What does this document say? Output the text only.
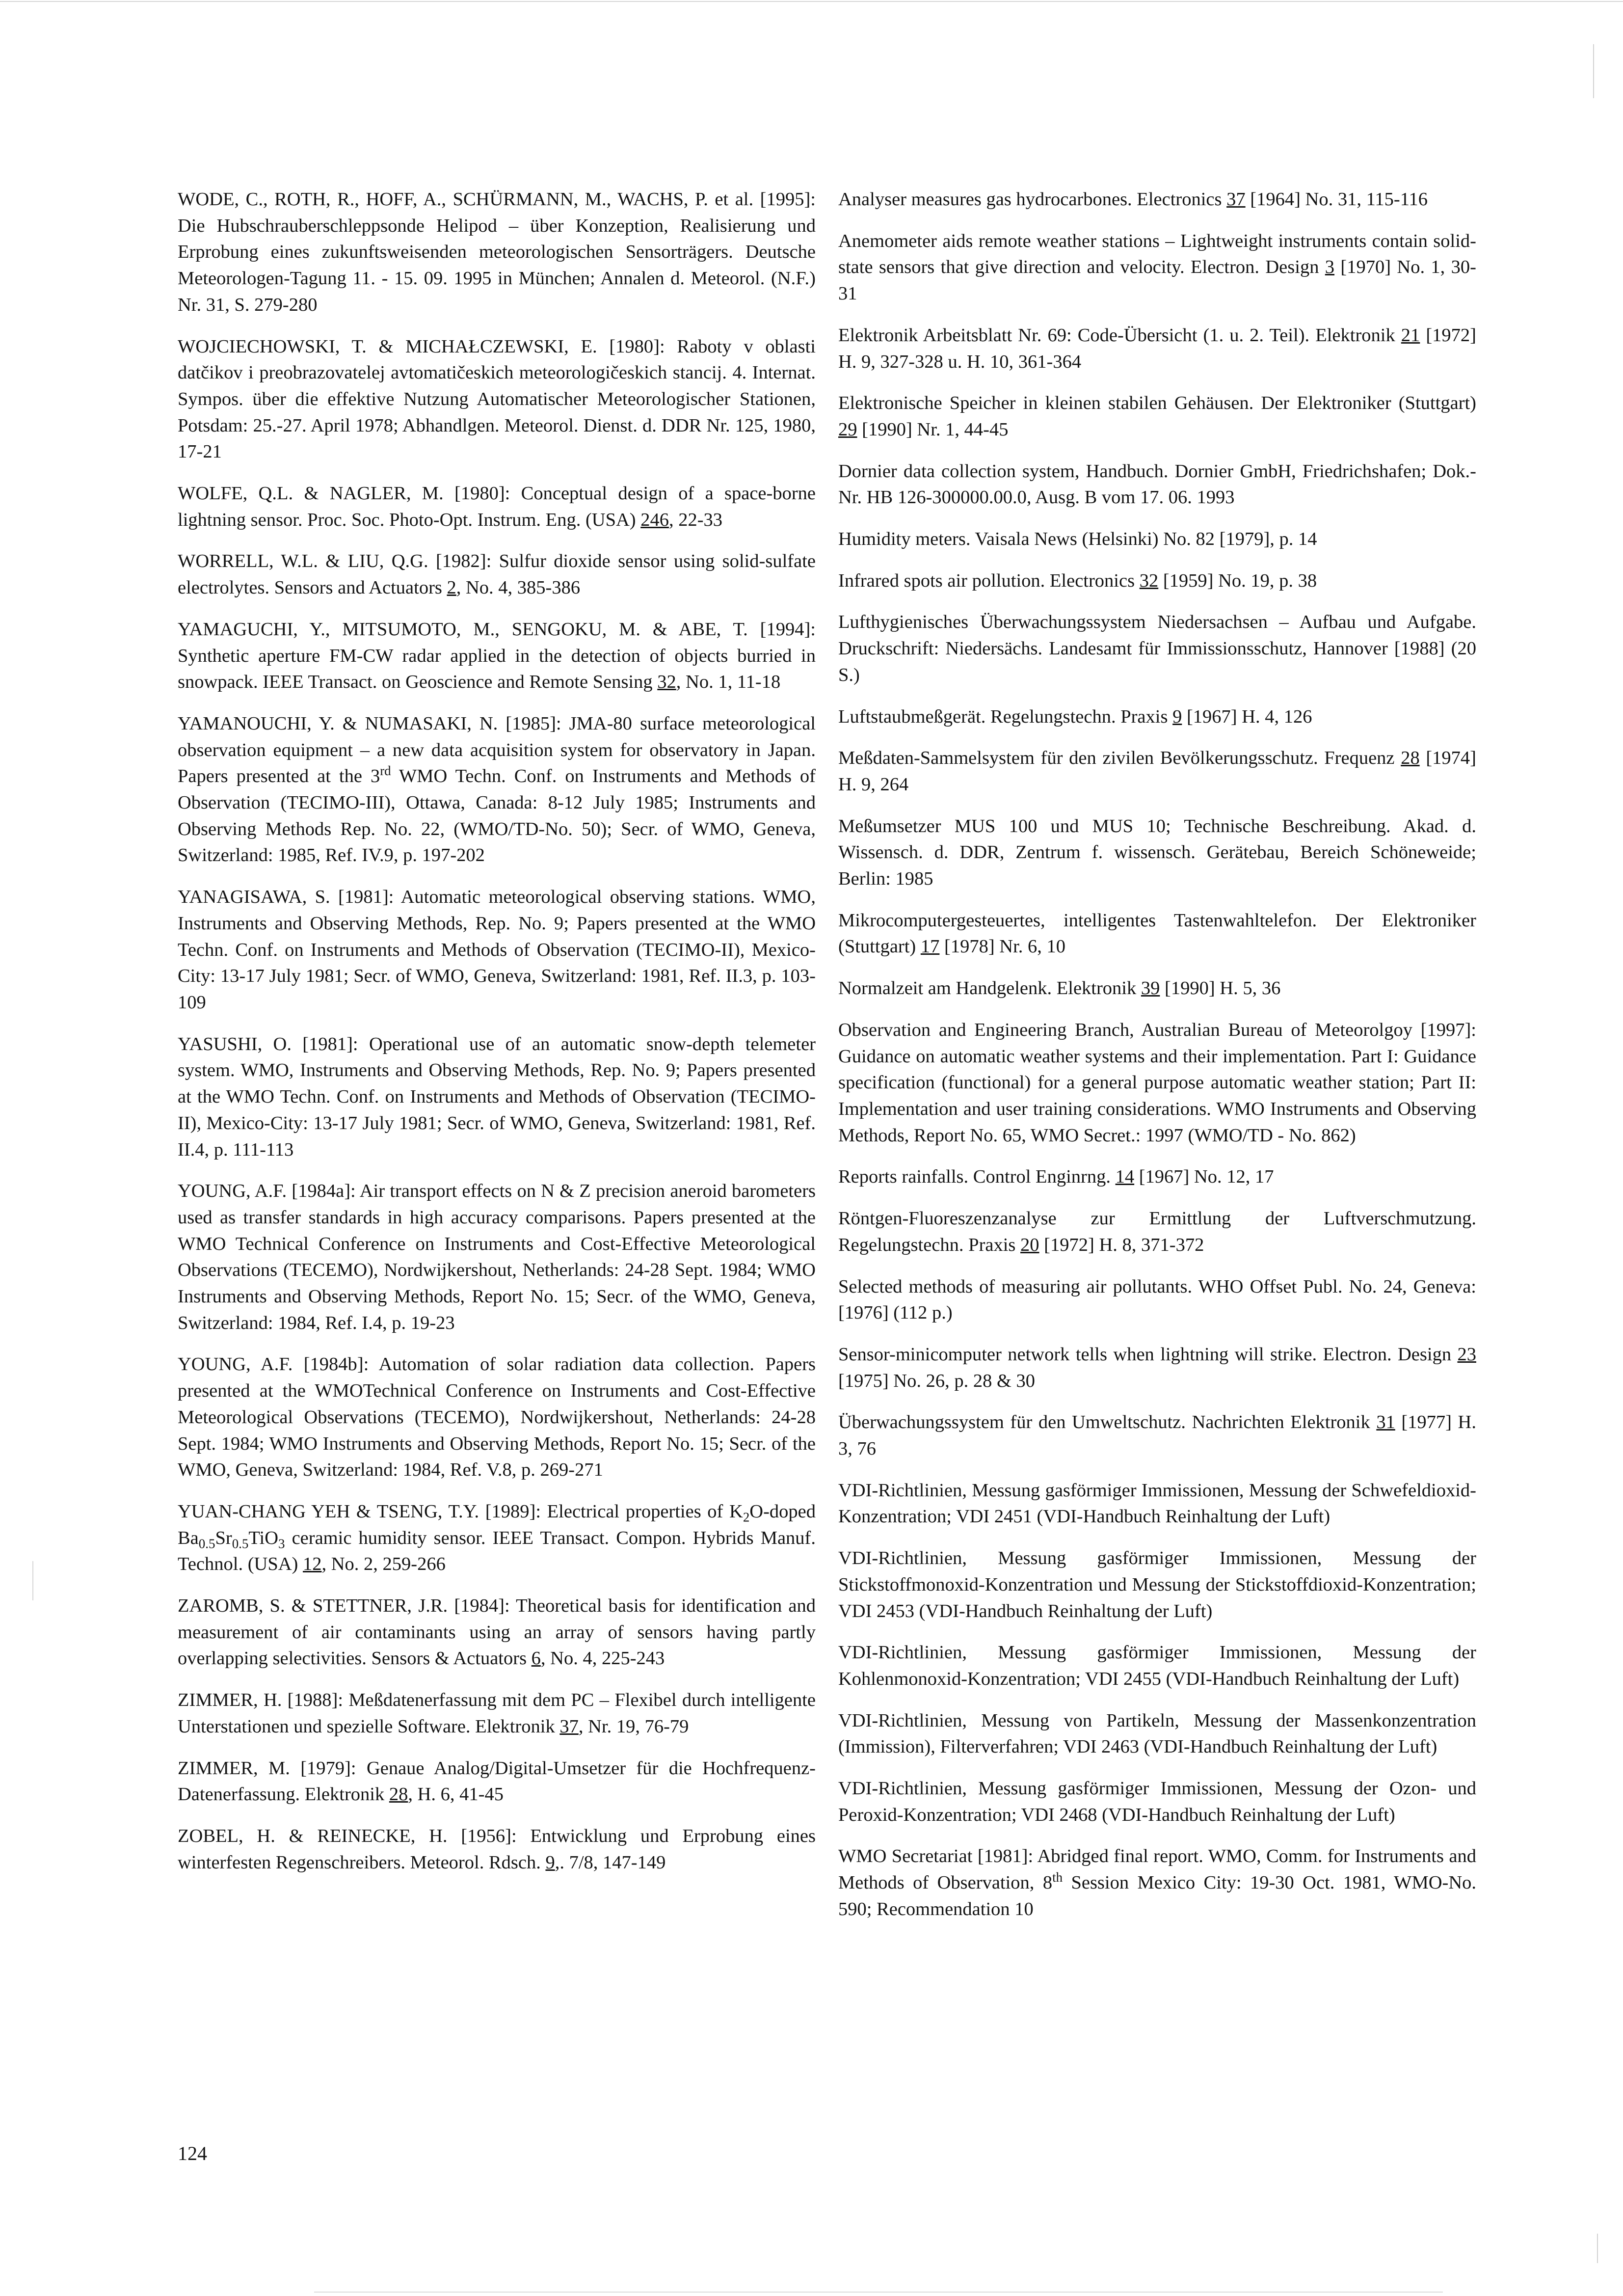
WODE, C., ROTH, R., HOFF, A., SCHÜRMANN, M., WACHS, P. et al. [1995]: Die Hubschrauberschleppsonde Helipod – über Konzeption, Realisierung und Erprobung eines zukunftsweisenden meteorologischen Sensorträgers. Deutsche Meteorologen-Tagung 11. - 15. 09. 1995 in München; Annalen d. Meteorol. (N.F.) Nr. 31, S. 279-280

WOJCIECHOWSKI, T. & MICHAŁCZEWSKI, E. [1980]: Raboty v oblasti datčikov i preobrazovatelej avtomatičeskich meteorologičeskich stancij. 4. Internat. Sympos. über die effektive Nutzung Automatischer Meteorologischer Stationen, Potsdam: 25.-27. April 1978; Abhandlgen. Meteorol. Dienst. d. DDR Nr. 125, 1980, 17-21

WOLFE, Q.L. & NAGLER, M. [1980]: Conceptual design of a space-borne lightning sensor. Proc. Soc. Photo-Opt. Instrum. Eng. (USA) 246, 22-33

WORRELL, W.L. & LIU, Q.G. [1982]: Sulfur dioxide sensor using solid-sulfate electrolytes. Sensors and Actuators 2, No. 4, 385-386

YAMAGUCHI, Y., MITSUMOTO, M., SENGOKU, M. & ABE, T. [1994]: Synthetic aperture FM-CW radar applied in the detection of objects burried in snowpack. IEEE Transact. on Geoscience and Remote Sensing 32, No. 1, 11-18

YAMANOUCHI, Y. & NUMASAKI, N. [1985]: JMA-80 surface meteorological observation equipment – a new data acquisition system for observatory in Japan. Papers presented at the 3rd WMO Techn. Conf. on Instruments and Methods of Observation (TECIMO-III), Ottawa, Canada: 8-12 July 1985; Instruments and Observing Methods Rep. No. 22, (WMO/TD-No. 50); Secr. of WMO, Geneva, Switzerland: 1985, Ref. IV.9, p. 197-202

YANAGISAWA, S. [1981]: Automatic meteorological observing stations. WMO, Instruments and Observing Methods, Rep. No. 9; Papers presented at the WMO Techn. Conf. on Instruments and Methods of Observation (TECIMO-II), Mexico-City: 13-17 July 1981; Secr. of WMO, Geneva, Switzerland: 1981, Ref. II.3, p. 103-109

YASUSHI, O. [1981]: Operational use of an automatic snow-depth telemeter system. WMO, Instruments and Observing Methods, Rep. No. 9; Papers presented at the WMO Techn. Conf. on Instruments and Methods of Observation (TECIMO-II), Mexico-City: 13-17 July 1981; Secr. of WMO, Geneva, Switzerland: 1981, Ref. II.4, p. 111-113

YOUNG, A.F. [1984a]: Air transport effects on N & Z precision aneroid barometers used as transfer standards in high accuracy comparisons. Papers presented at the WMO Technical Conference on Instruments and Cost-Effective Meteorological Observations (TECEMO), Nordwijkershout, Netherlands: 24-28 Sept. 1984; WMO Instruments and Observing Methods, Report No. 15; Secr. of the WMO, Geneva, Switzerland: 1984, Ref. I.4, p. 19-23

YOUNG, A.F. [1984b]: Automation of solar radiation data collection. Papers presented at the WMOTechnical Conference on Instruments and Cost-Effective Meteorological Observations (TECEMO), Nordwijkershout, Netherlands: 24-28 Sept. 1984; WMO Instruments and Observing Methods, Report No. 15; Secr. of the WMO, Geneva, Switzerland: 1984, Ref. V.8, p. 269-271

YUAN-CHANG YEH & TSENG, T.Y. [1989]: Electrical properties of $K_2O$-doped $Ba_{0.5}Sr_{0.5}TiO_3$ ceramic humidity sensor. IEEE Transact. Compon. Hybrids Manuf. Technol. (USA) 12, No. 2, 259-266

ZAROMB, S. & STETTNER, J.R. [1984]: Theoretical basis for identification and measurement of air contaminants using an array of sensors having partly overlapping selectivities. Sensors & Actuators 6, No. 4, 225-243

ZIMMER, H. [1988]: Meßdatenerfassung mit dem PC – Flexibel durch intelligente Unterstationen und spezielle Software. Elektronik 37, Nr. 19, 76-79

ZIMMER, M. [1979]: Genaue Analog/Digital-Umsetzer für die Hochfrequenz-Datenerfassung. Elektronik 28, H. 6, 41-45

ZOBEL, H. & REINECKE, H. [1956]: Entwicklung und Erprobung eines winterfesten Regenschreibers. Meteorol. Rdsch. 9,. 7/8, 147-149

Analyser measures gas hydrocarbones. Electronics 37 [1964] No. 31, 115-116

Anemometer aids remote weather stations – Lightweight instruments contain solid-state sensors that give direction and velocity. Electron. Design 3 [1970] No. 1, 30-31

Elektronik Arbeitsblatt Nr. 69: Code-Übersicht (1. u. 2. Teil). Elektronik 21 [1972] H. 9, 327-328 u. H. 10, 361-364

Elektronische Speicher in kleinen stabilen Gehäusen. Der Elektroniker (Stuttgart) 29 [1990] Nr. 1, 44-45

Dornier data collection system, Handbuch. Dornier GmbH, Friedrichshafen; Dok.-Nr. HB 126-300000.00.0, Ausg. B vom 17. 06. 1993

Humidity meters. Vaisala News (Helsinki) No. 82 [1979], p. 14

Infrared spots air pollution. Electronics 32 [1959] No. 19, p. 38

Lufthygienisches Überwachungssystem Niedersachsen – Aufbau und Aufgabe. Druckschrift: Niedersächs. Landesamt für Immissionsschutz, Hannover [1988] (20 S.)

Luftstaubmeßgerät. Regelungstechn. Praxis 9 [1967] H. 4, 126

Meßdaten-Sammelsystem für den zivilen Bevölkerungsschutz. Frequenz 28 [1974] H. 9, 264

Meßumsetzer MUS 100 und MUS 10; Technische Beschreibung. Akad. d. Wissensch. d. DDR, Zentrum f. wissensch. Gerätebau, Bereich Schöneweide; Berlin: 1985

Mikrocomputergesteuertes, intelligentes Tastenwahltelefon. Der Elektroniker (Stuttgart) 17 [1978] Nr. 6, 10

Normalzeit am Handgelenk. Elektronik 39 [1990] H. 5, 36

Observation and Engineering Branch, Australian Bureau of Meteorolgoy [1997]: Guidance on automatic weather systems and their implementation. Part I: Guidance specification (functional) for a general purpose automatic weather station; Part II: Implementation and user training considerations. WMO Instruments and Observing Methods, Report No. 65, WMO Secret.: 1997 (WMO/TD - No. 862)

Reports rainfalls. Control Enginrng. 14 [1967] No. 12, 17

Röntgen-Fluoreszenzanalyse zur Ermittlung der Luftverschmutzung. Regelungstechn. Praxis 20 [1972] H. 8, 371-372

Selected methods of measuring air pollutants. WHO Offset Publ. No. 24, Geneva: [1976] (112 p.)

Sensor-minicomputer network tells when lightning will strike. Electron. Design 23 [1975] No. 26, p. 28 & 30

Überwachungssystem für den Umweltschutz. Nachrichten Elektronik 31 [1977] H. 3, 76

VDI-Richtlinien, Messung gasförmiger Immissionen, Messung der Schwefeldioxid-Konzentration; VDI 2451 (VDI-Handbuch Reinhaltung der Luft)

VDI-Richtlinien, Messung gasförmiger Immissionen, Messung der Stickstoffmonoxid-Konzentration und Messung der Stickstoffdioxid-Konzentration; VDI 2453 (VDI-Handbuch Reinhaltung der Luft)

VDI-Richtlinien, Messung gasförmiger Immissionen, Messung der Kohlenmonoxid-Konzentration; VDI 2455 (VDI-Handbuch Reinhaltung der Luft)

VDI-Richtlinien, Messung von Partikeln, Messung der Massenkonzentration (Immission), Filterverfahren; VDI 2463 (VDI-Handbuch Reinhaltung der Luft)

VDI-Richtlinien, Messung gasförmiger Immissionen, Messung der Ozon- und Peroxid-Konzentration; VDI 2468 (VDI-Handbuch Reinhaltung der Luft)

WMO Secretariat [1981]: Abridged final report. WMO, Comm. for Instruments and Methods of Observation, 8th Session Mexico City: 19-30 Oct. 1981, WMO-No. 590; Recommendation 10

124
